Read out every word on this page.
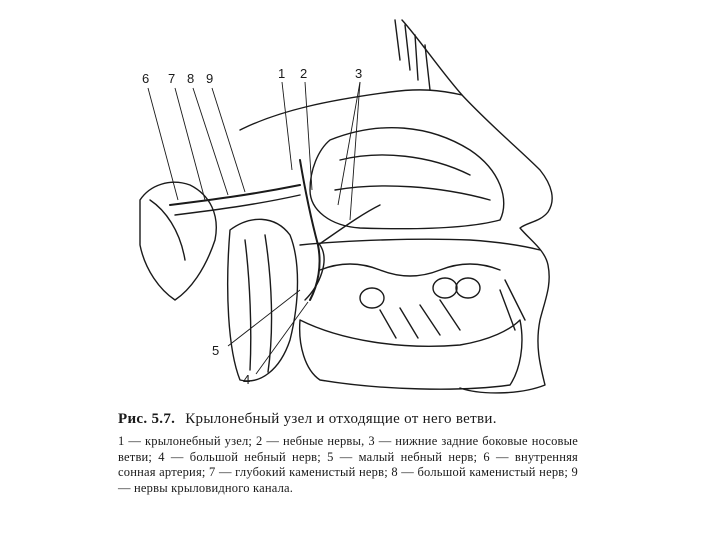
6 7 8 9	1 2	3
5
4

Рис. 5.7. Крылонебный узел и отходящие от него ветви.

1 — крылонебный узел; 2 — небные нервы, 3 — нижние задние боковые носовые ветви; 4 — большой небный нерв; 5 — малый небный нерв; 6 — внутренняя сонная артерия; 7 — глубокий каменистый нерв; 8 — большой каменистый нерв; 9 — нервы крыловидного канала.
